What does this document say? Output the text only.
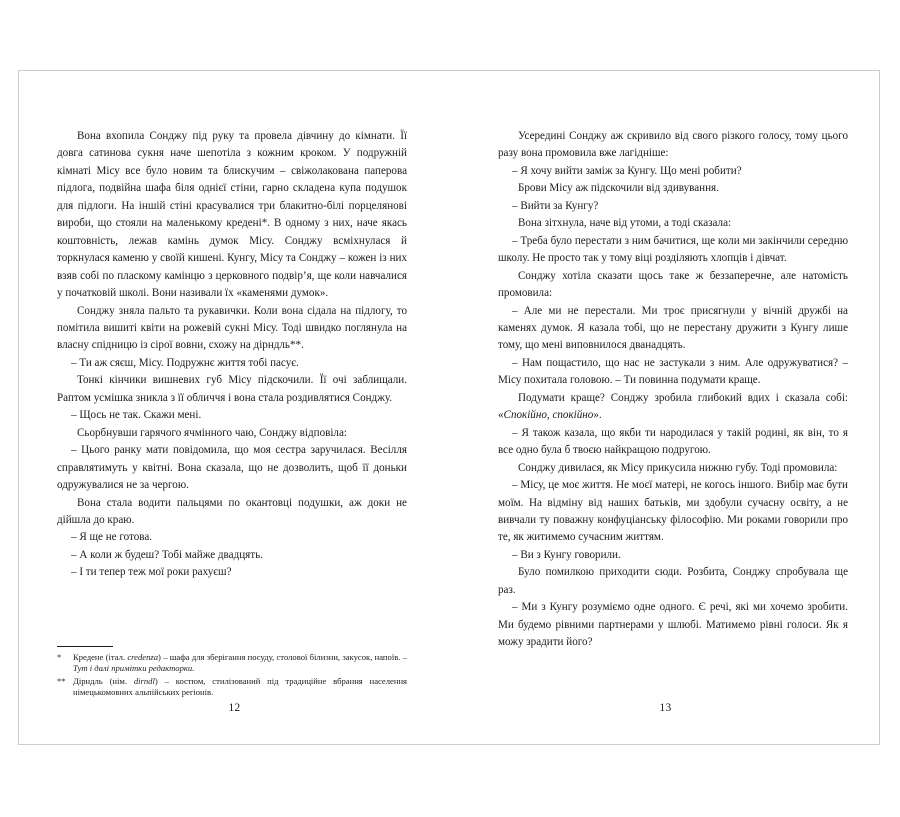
Вона вхопила Сонджу під руку та провела дівчину до кімнати. Її довга сатинова сукня наче шепотіла з кожним кроком. У подружній кімнаті Місу все було новим та блискучим – свіжолакована паперова підлога, подвійна шафа біля однієї стіни, гарно складена купа подушок для підлоги. На іншій стіні красувалися три блакитно-білі порцелянові вироби, що стояли на маленькому кредені*. В одному з них, наче якась коштовність, лежав камінь думок Місу. Сонджу всміхнулася й торкнулася каменю у своїй кишені. Кунгу, Місу та Сонджу – кожен із них взяв собі по пласкому камінцю з церковного подвір’я, ще коли навчалися у початковій школі. Вони називали їх «каменями думок».

Сонджу зняла пальто та рукавички. Коли вона сідала на підлогу, то помітила вишиті квіти на рожевій сукні Місу. Тоді швидко поглянула на власну спідницю із сірої вовни, схожу на дірндль**.

– Ти аж сяєш, Місу. Подружнє життя тобі пасує.

Тонкі кінчики вишневих губ Місу підскочили. Її очі заблищали. Раптом усмішка зникла з її обличчя і вона стала роздивлятися Сонджу.

– Щось не так. Скажи мені.

Сьорбнувши гарячого ячмінного чаю, Сонджу відповіла:

– Цього ранку мати повідомила, що моя сестра заручилася. Весілля справлятимуть у квітні. Вона сказала, що не дозволить, щоб її доньки одружувалися не за чергою.

Вона стала водити пальцями по окантовці подушки, аж доки не дійшла до краю.

– Я ще не готова.

– А коли ж будеш? Тобі майже двадцять.

– І ти тепер теж мої роки рахуєш?

*	Кредене (італ. credenza) – шафа для зберігання посуду, столової білизни, закусок, напоїв. – Тут і далі примітки редакторки.
** Дірндль (нім. dirndl) – костюм, стилізований під традиційне вбрання населення німецькомовних альпійських регіонів.
12

Усередині Сонджу аж скривило від свого різкого голосу, тому цього разу вона промовила вже лагідніше:

– Я хочу вийти заміж за Кунгу. Що мені робити?

Брови Місу аж підскочили від здивування.

– Вийти за Кунгу?

Вона зітхнула, наче від утоми, а тоді сказала:

– Треба було перестати з ним бачитися, ще коли ми закінчили середню школу. Не просто так у тому віці розділяють хлопців і дівчат.

Сонджу хотіла сказати щось таке ж беззаперечне, але натомість промовила:

– Але ми не перестали. Ми троє присягнули у вічній дружбі на каменях думок. Я казала тобі, що не перестану дружити з Кунгу лише тому, що мені виповнилося дванадцять.

– Нам пощастило, що нас не застукали з ним. Але одружуватися? – Місу похитала головою. – Ти повинна подумати краще.

Подумати краще? Сонджу зробила глибокий вдих і сказала собі: «Спокійно, спокійно».

– Я також казала, що якби ти народилася у такій родині, як він, то я все одно була б твоєю найкращою подругою.

Сонджу дивилася, як Місу прикусила нижню губу. Тоді промовила:

– Місу, це моє життя. Не моєї матері, не когось іншого. Вибір має бути моїм. На відміну від наших батьків, ми здобули сучасну освіту, а не вивчали ту поважну конфуціанську філософію. Ми роками говорили про те, як житимемо сучасним життям.

– Ви з Кунгу говорили.

Було помилкою приходити сюди. Розбита, Сонджу спробувала ще раз.

– Ми з Кунгу розуміємо одне одного. Є речі, які ми хочемо зробити. Ми будемо рівними партнерами у шлюбі. Матимемо рівні голоси. Як я можу зрадити його?

13
